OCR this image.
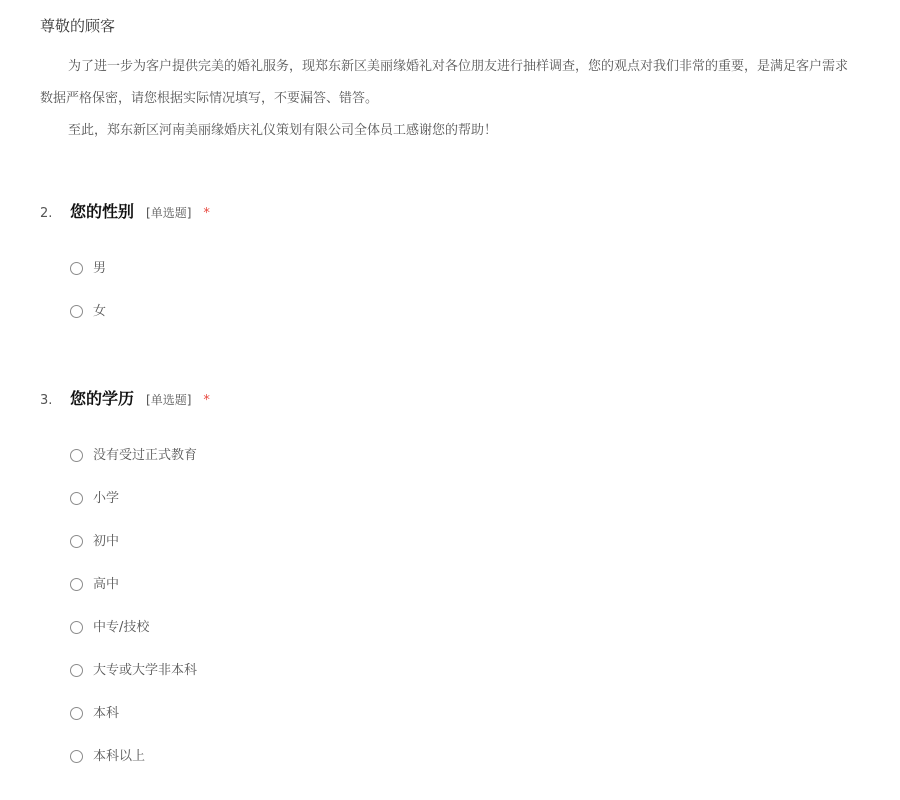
尊敬的顾客
为了进一步为客户提供完美的婚礼服务，现郑东新区美丽缘婚礼对各位朋友进行抽样调查，您的观点对我们非常的重要，是满足客户需求
数据严格保密，请您根据实际情况填写，不要漏答、错答。
至此，郑东新区河南美丽缘婚庆礼仪策划有限公司全体员工感谢您的帮助！
2. 您的性别 [单选题] *
男
女
3. 您的学历 [单选题] *
没有受过正式教育
小学
初中
高中
中专/技校
大专或大学非本科
本科
本科以上
